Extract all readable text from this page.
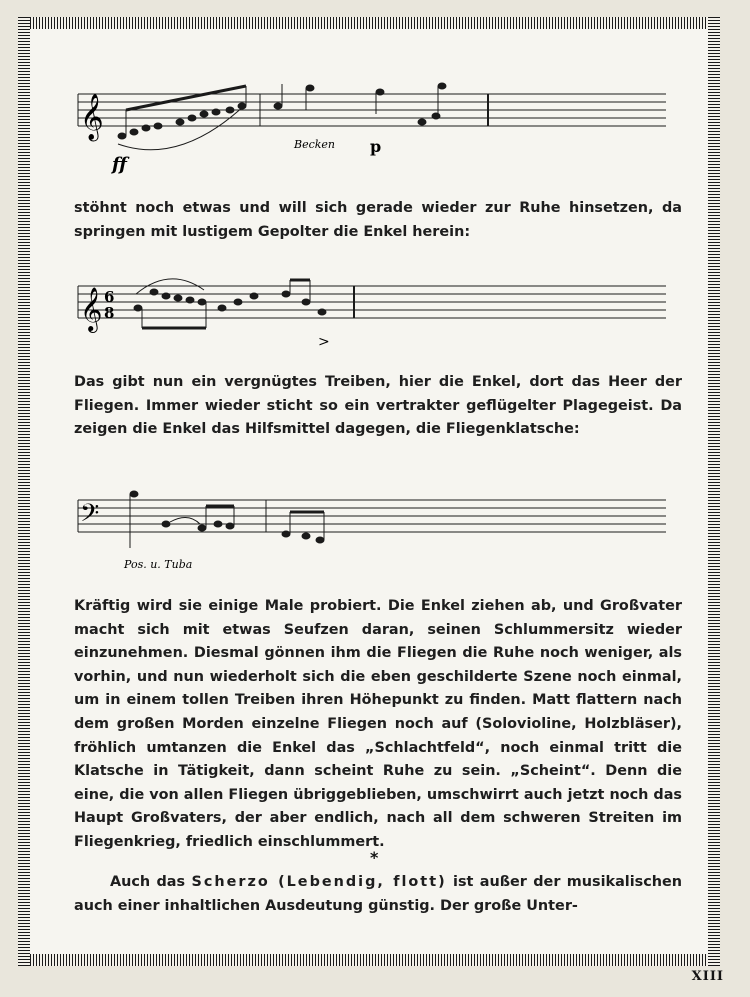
𝄞
ff
Becken p

stöhnt noch etwas und will sich gerade wieder zur Ruhe hinsetzen, da springen mit lustigem Gepolter die Enkel herein:

𝄞 6
8
>

Das gibt nun ein vergnügtes Treiben, hier die Enkel, dort das Heer der Fliegen. Immer wieder sticht so ein vertrakter geflügelter Plagegeist. Da zeigen die Enkel das Hilfsmittel dagegen, die Fliegenklatsche:

𝄢
Pos. u. Tuba

Kräftig wird sie einige Male probiert. Die Enkel ziehen ab, und Großvater macht sich mit etwas Seufzen daran, seinen Schlummersitz wieder einzunehmen. Diesmal gönnen ihm die Fliegen die Ruhe noch weniger, als vorhin, und nun wiederholt sich die eben geschilderte Szene noch einmal, um in einem tollen Treiben ihren Höhepunkt zu finden. Matt flattern nach dem großen Morden einzelne Fliegen noch auf (Solovioline, Holzbläser), fröhlich umtanzen die Enkel das „Schlachtfeld“, noch einmal tritt die Klatsche in Tätigkeit, dann scheint Ruhe zu sein. „Scheint“. Denn die eine, die von allen Fliegen übriggeblieben, umschwirrt auch jetzt noch das Haupt Großvaters, der aber endlich, nach all dem schweren Streiten im Fliegenkrieg, friedlich einschlummert.

*

Auch das Scherzo (Lebendig, flott) ist außer der musikalischen auch einer inhaltlichen Ausdeutung günstig. Der große Unter-

XIII
